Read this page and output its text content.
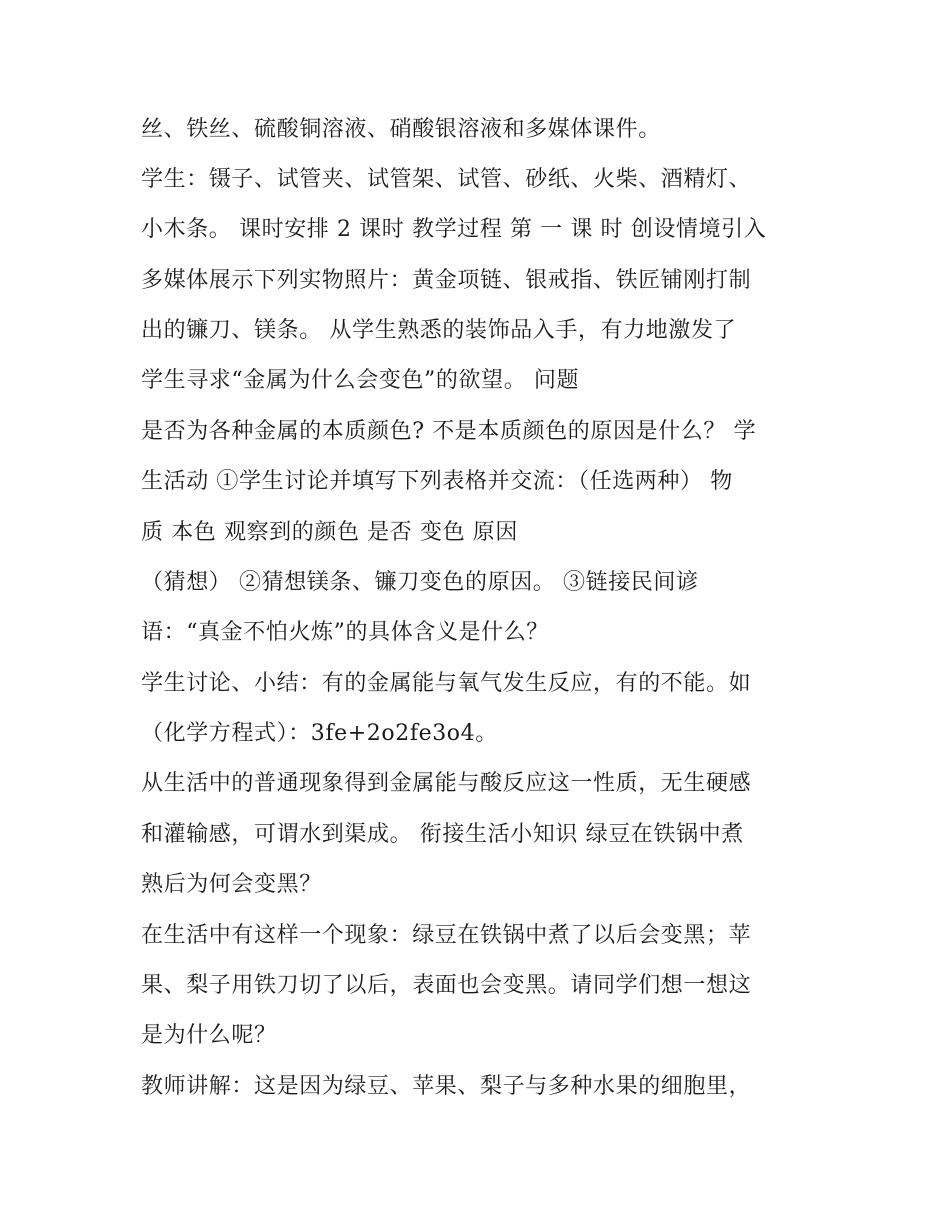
丝、铁丝、硫酸铜溶液、硝酸银溶液和多媒体课件。
学生：镊子、试管夹、试管架、试管、砂纸、火柴、酒精灯、
小木条。 课时安排 2 课时 教学过程 第 一 课 时 创设情境引入
多媒体展示下列实物照片：黄金项链、银戒指、铁匠铺刚打制
出的镰刀、镁条。 从学生熟悉的装饰品入手，有力地激发了
学生寻求“金属为什么会变色”的欲望。 问题
是否为各种金属的本质颜色? 不是本质颜色的原因是什么？ 学
生活动 ①学生讨论并填写下列表格并交流：（任选两种） 物
质 本色 观察到的颜色 是否 变色 原因
（猜想） ②猜想镁条、镰刀变色的原因。 ③链接民间谚
语：“真金不怕火炼”的具体含义是什么？
学生讨论、小结：有的金属能与氧气发生反应，有的不能。如
（化学方程式）：3fe+2o2fe3o4。
从生活中的普通现象得到金属能与酸反应这一性质，无生硬感
和灌输感，可谓水到渠成。 衔接生活小知识 绿豆在铁锅中煮
熟后为何会变黑？
在生活中有这样一个现象：绿豆在铁锅中煮了以后会变黑；苹
果、梨子用铁刀切了以后，表面也会变黑。请同学们想一想这
是为什么呢？
教师讲解：这是因为绿豆、苹果、梨子与多种水果的细胞里，
